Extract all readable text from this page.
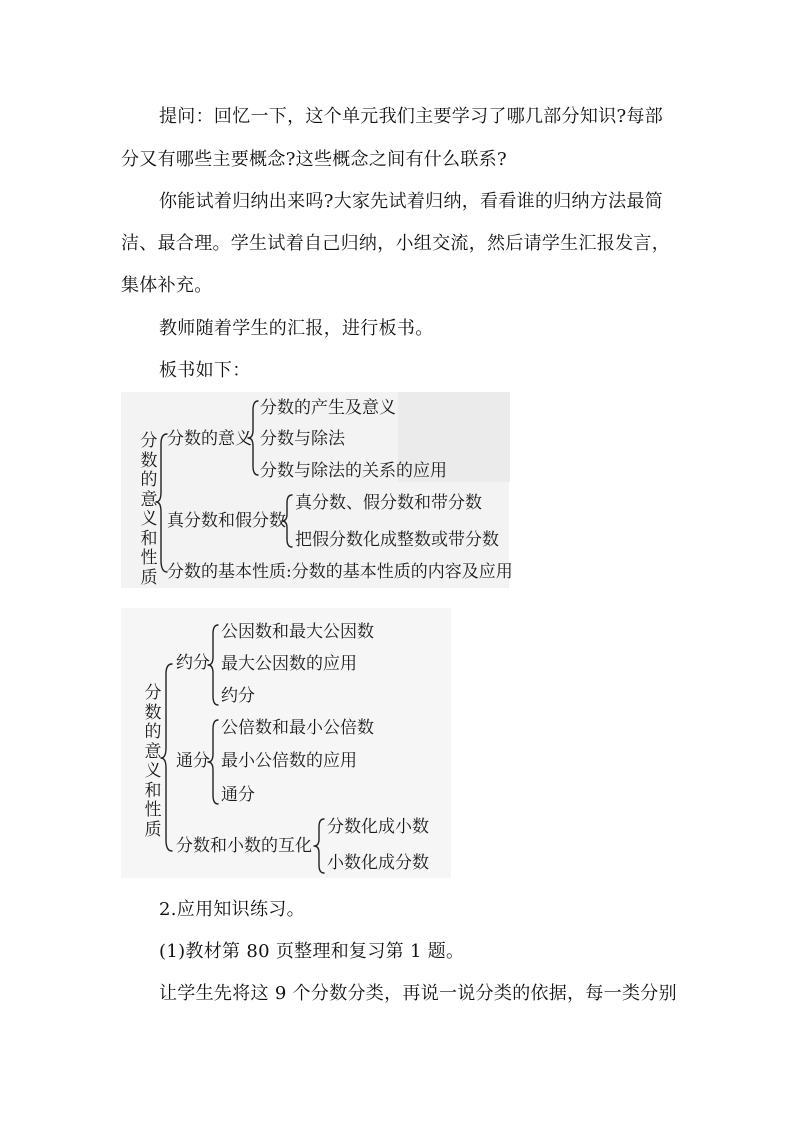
提问：回忆一下，这个单元我们主要学习了哪几部分知识?每部
分又有哪些主要概念?这些概念之间有什么联系?
你能试着归纳出来吗?大家先试着归纳，看看谁的归纳方法最简
洁、最合理。学生试着自己归纳，小组交流，然后请学生汇报发言，
集体补充。
教师随着学生的汇报，进行板书。
板书如下：
分数的意义和性质
分数的意义
分数的产生及意义
分数与除法
分数与除法的关系的应用
真分数和假分数
真分数、假分数和带分数
把假分数化成整数或带分数
分数的基本性质:分数的基本性质的内容及应用
分数的意义和性质
约分
公因数和最大公因数
最大公因数的应用
约分
通分
公倍数和最小公倍数
最小公倍数的应用
通分
分数和小数的互化
分数化成小数
小数化成分数
2.应用知识练习。
(1)教材第 80 页整理和复习第 1 题。
让学生先将这 9 个分数分类，再说一说分类的依据，每一类分别
